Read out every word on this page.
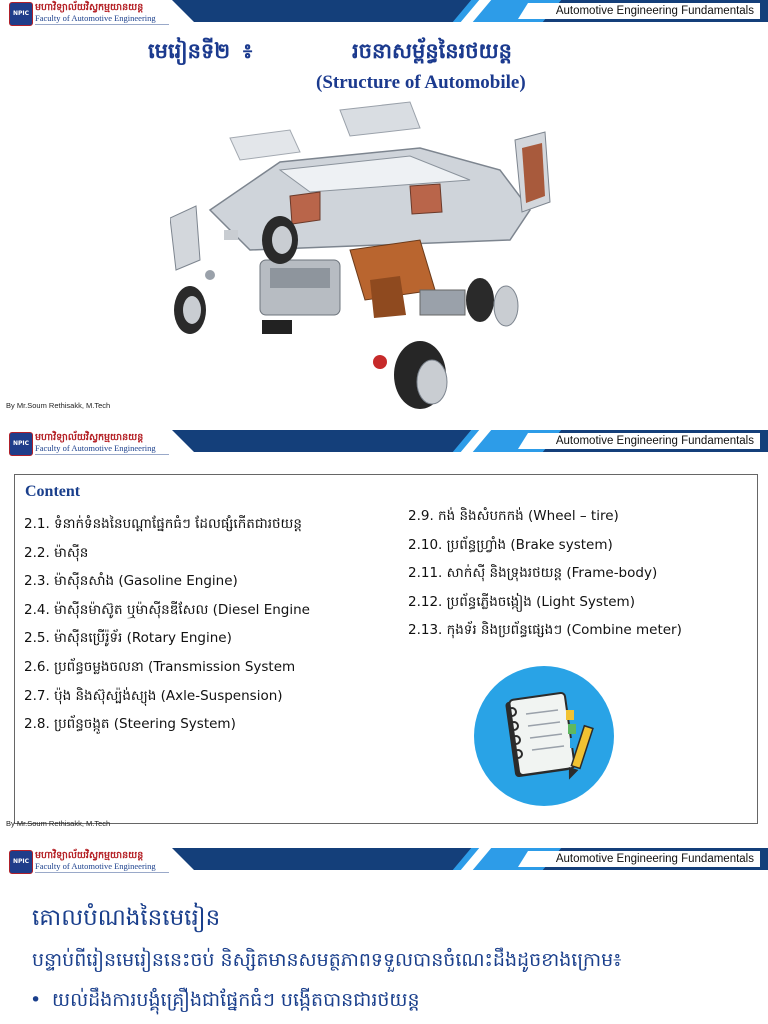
Automotive Engineering Fundamentals
NPIC
មហាវិទ្យាល័យវិស្វកម្មយានយន្ត
Faculty of Automotive Engineering
មេរៀនទី២ ៖	រចនាសម្ព័ន្ធនៃរថយន្ត
(Structure of Automobile)
By Mr.Soum Rethisakk, M.Tech
Automotive Engineering Fundamentals
NPIC
មហាវិទ្យាល័យវិស្វកម្មយានយន្ត
Faculty of Automotive Engineering
Content
2.1. ទំនាក់ទំនងនៃបណ្ដាផ្នែកធំៗ ដែលផ្សំកើតជារថយន្ត
2.2. ម៉ាស៊ីន
2.3. ម៉ាស៊ីនសាំង (Gasoline Engine)
2.4. ម៉ាស៊ីនម៉ាស៊ូត ឬម៉ាស៊ីនឌីសែល (Diesel Engine
2.5. ម៉ាស៊ីនប្រើរ៉ូទ័រ (Rotary Engine)
2.6. ប្រព័ន្ធចម្លងចលនា (Transmission System
2.7. ប៉ុង និងស៊ុស្ប៉ង់ស្យុង (Axle-Suspension)
2.8. ប្រព័ន្ធចង្កូត (Steering System)
2.9. កង់ និងសំបកកង់ (Wheel – tire)
2.10. ប្រព័ន្ធហ្វ្រាំង (Brake system)
2.11. សាក់ស៊ី និងទ្រុងរថយន្ត (Frame-body)
2.12. ប្រព័ន្ធភ្លើងចង្កៀង (Light System)
2.13. កុងទ័រ និងប្រព័ន្ធផ្សេងៗ (Combine meter)
By Mr.Soum Rethisakk, M.Tech
Automotive Engineering Fundamentals
NPIC
មហាវិទ្យាល័យវិស្វកម្មយានយន្ត
Faculty of Automotive Engineering
គោលបំណងនៃមេរៀន
បន្ទាប់ពីរៀនមេរៀននេះចប់ និស្សិតមានសមត្ថភាពទទួលបានចំណេះដឹងដូចខាងក្រោម៖
• យល់ដឹងការបង្គុំគ្រឿងជាផ្នែកធំៗ បង្កើតបានជារថយន្ត
